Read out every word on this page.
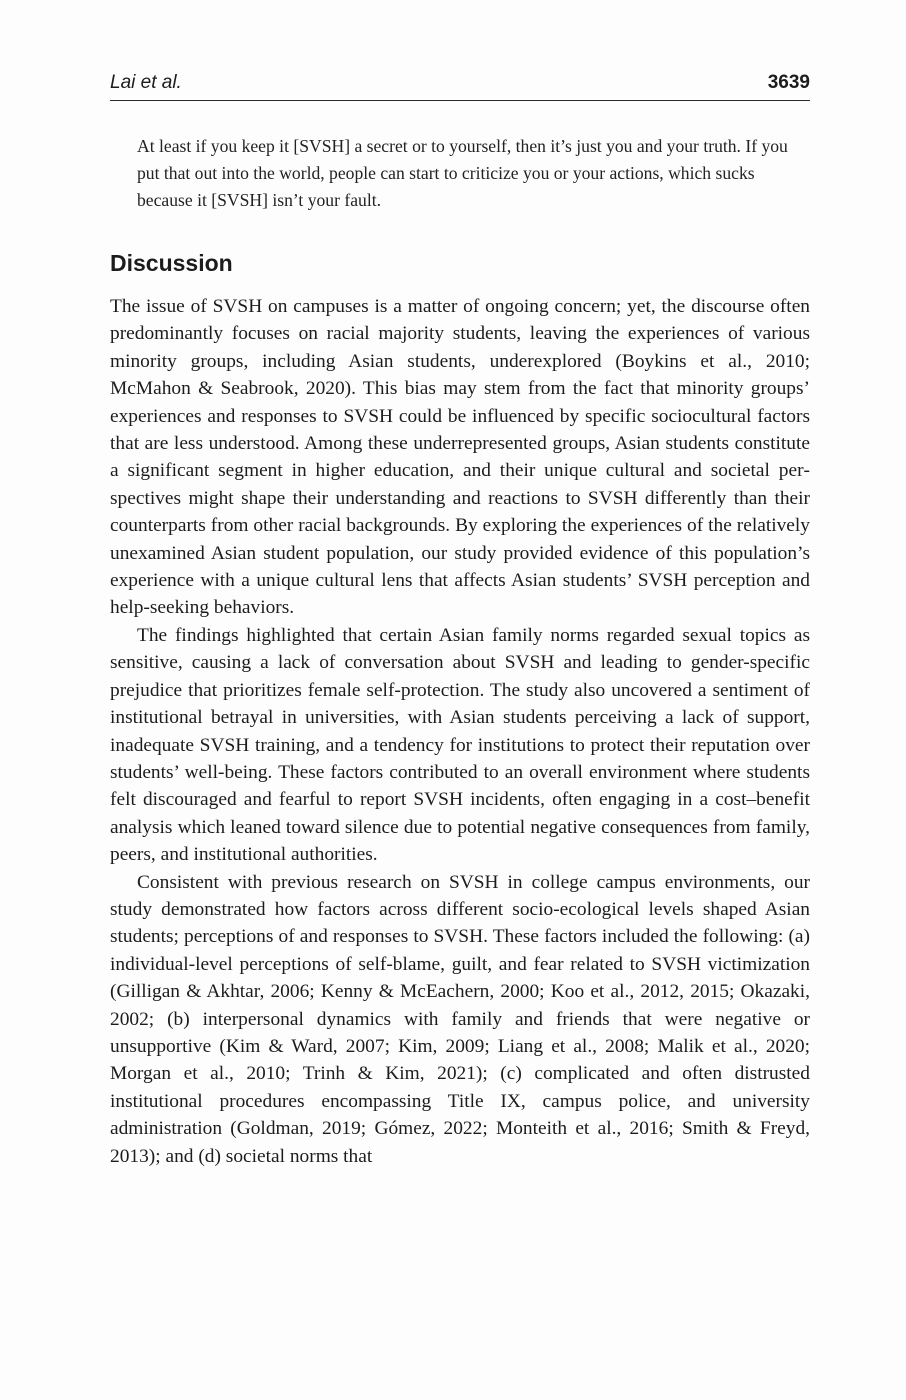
Lai et al.	3639

At least if you keep it [SVSH] a secret or to yourself, then it’s just you and your truth. If you put that out into the world, people can start to criticize you or your actions, which sucks because it [SVSH] isn’t your fault.

Discussion

The issue of SVSH on campuses is a matter of ongoing concern; yet, the discourse often predominantly focuses on racial majority students, leaving the experiences of various minority groups, including Asian students, underexplored (Boykins et al., 2010; McMahon & Seabrook, 2020). This bias may stem from the fact that minority groups’ experiences and responses to SVSH could be influenced by specific sociocultural factors that are less understood. Among these underrepresented groups, Asian students constitute a significant segment in higher education, and their unique cultural and societal perspectives might shape their understanding and reactions to SVSH differently than their counterparts from other racial backgrounds. By exploring the experiences of the relatively unexamined Asian student population, our study provided evidence of this population’s experience with a unique cultural lens that affects Asian students’ SVSH perception and help-seeking behaviors.

The findings highlighted that certain Asian family norms regarded sexual topics as sensitive, causing a lack of conversation about SVSH and leading to gender-specific prejudice that prioritizes female self-protection. The study also uncovered a sentiment of institutional betrayal in universities, with Asian students perceiving a lack of support, inadequate SVSH training, and a tendency for institutions to protect their reputation over students’ well-being. These factors contributed to an overall environment where students felt discouraged and fearful to report SVSH incidents, often engaging in a cost–benefit analysis which leaned toward silence due to potential negative consequences from family, peers, and institutional authorities.

Consistent with previous research on SVSH in college campus environments, our study demonstrated how factors across different socio-ecological levels shaped Asian students; perceptions of and responses to SVSH. These factors included the following: (a) individual-level perceptions of self-blame, guilt, and fear related to SVSH victimization (Gilligan & Akhtar, 2006; Kenny & McEachern, 2000; Koo et al., 2012, 2015; Okazaki, 2002; (b) interpersonal dynamics with family and friends that were negative or unsupportive (Kim & Ward, 2007; Kim, 2009; Liang et al., 2008; Malik et al., 2020; Morgan et al., 2010; Trinh & Kim, 2021); (c) complicated and often distrusted institutional procedures encompassing Title IX, campus police, and university administration (Goldman, 2019; Gómez, 2022; Monteith et al., 2016; Smith & Freyd, 2013); and (d) societal norms that
